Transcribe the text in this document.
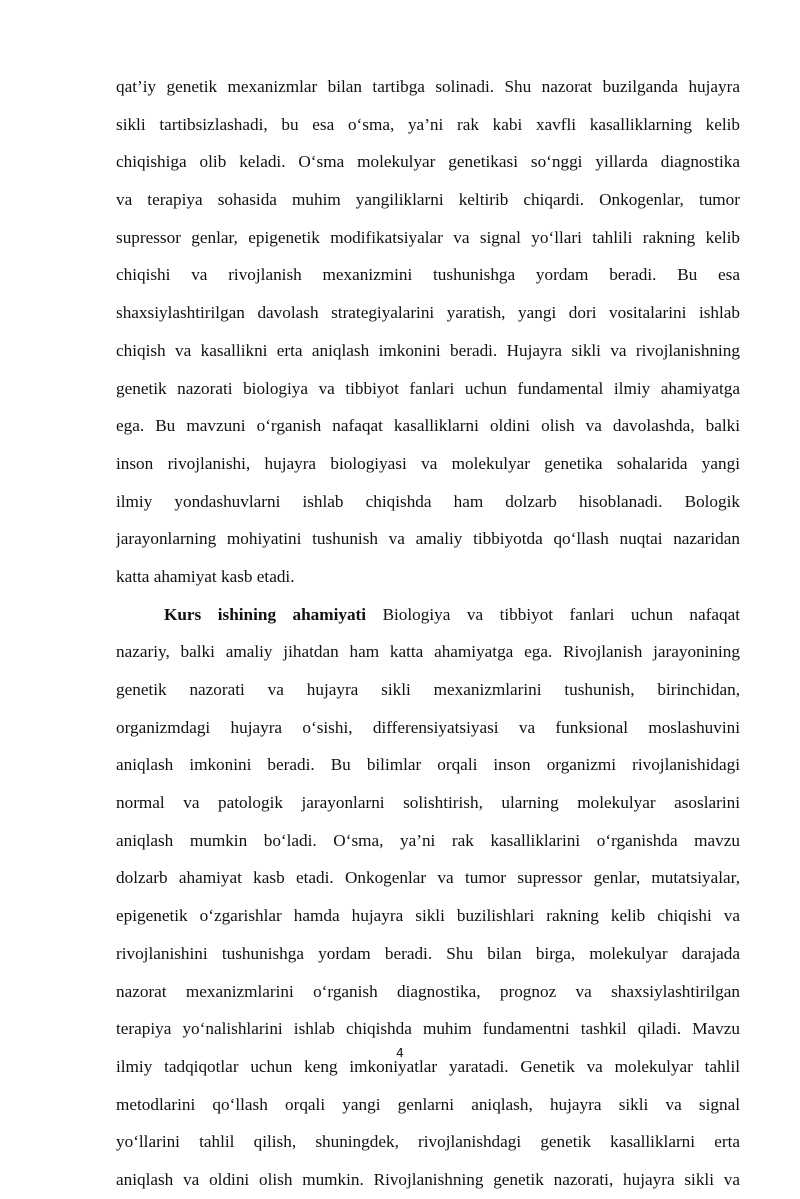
qat’iy genetik mexanizmlar bilan tartibga solinadi. Shu nazorat buzilganda hujayra
sikli tartibsizlashadi, bu esa o‘sma, ya’ni rak kabi xavfli kasalliklarning kelib
chiqishiga olib keladi. O‘sma molekulyar genetikasi so‘nggi yillarda diagnostika
va terapiya sohasida muhim yangiliklarni keltirib chiqardi. Onkogenlar, tumor
supressor genlar, epigenetik modifikatsiyalar va signal yo‘llari tahlili rakning kelib
chiqishi va rivojlanish mexanizmini tushunishga yordam beradi. Bu esa
shaxsiylashtirilgan davolash strategiyalarini yaratish, yangi dori vositalarini ishlab
chiqish va kasallikni erta aniqlash imkonini beradi. Hujayra sikli va rivojlanishning
genetik nazorati biologiya va tibbiyot fanlari uchun fundamental ilmiy ahamiyatga
ega. Bu mavzuni o‘rganish nafaqat kasalliklarni oldini olish va davolashda, balki
inson rivojlanishi, hujayra biologiyasi va molekulyar genetika sohalarida yangi
ilmiy yondashuvlarni ishlab chiqishda ham dolzarb hisoblanadi. Bologik
jarayonlarning mohiyatini tushunish va amaliy tibbiyotda qo‘llash nuqtai nazaridan
katta ahamiyat kasb etadi.
Kurs ishining ahamiyati Biologiya va tibbiyot fanlari uchun nafaqat
nazariy, balki amaliy jihatdan ham katta ahamiyatga ega. Rivojlanish jarayonining
genetik nazorati va hujayra sikli mexanizmlarini tushunish, birinchidan,
organizmdagi hujayra o‘sishi, differensiyatsiyasi va funksional moslashuvini
aniqlash imkonini beradi. Bu bilimlar orqali inson organizmi rivojlanishidagi
normal va patologik jarayonlarni solishtirish, ularning molekulyar asoslarini
aniqlash mumkin bo‘ladi. O‘sma, ya’ni rak kasalliklarini o‘rganishda mavzu
dolzarb ahamiyat kasb etadi. Onkogenlar va tumor supressor genlar, mutatsiyalar,
epigenetik o‘zgarishlar hamda hujayra sikli buzilishlari rakning kelib chiqishi va
rivojlanishini tushunishga yordam beradi. Shu bilan birga, molekulyar darajada
nazorat mexanizmlarini o‘rganish diagnostika, prognoz va shaxsiylashtirilgan
terapiya yo‘nalishlarini ishlab chiqishda muhim fundamentni tashkil qiladi. Mavzu
ilmiy tadqiqotlar uchun keng imkoniyatlar yaratadi. Genetik va molekulyar tahlil
metodlarini qo‘llash orqali yangi genlarni aniqlash, hujayra sikli va signal
yo‘llarini tahlil qilish, shuningdek, rivojlanishdagi genetik kasalliklarni erta
aniqlash va oldini olish mumkin. Rivojlanishning genetik nazorati, hujayra sikli va
4
